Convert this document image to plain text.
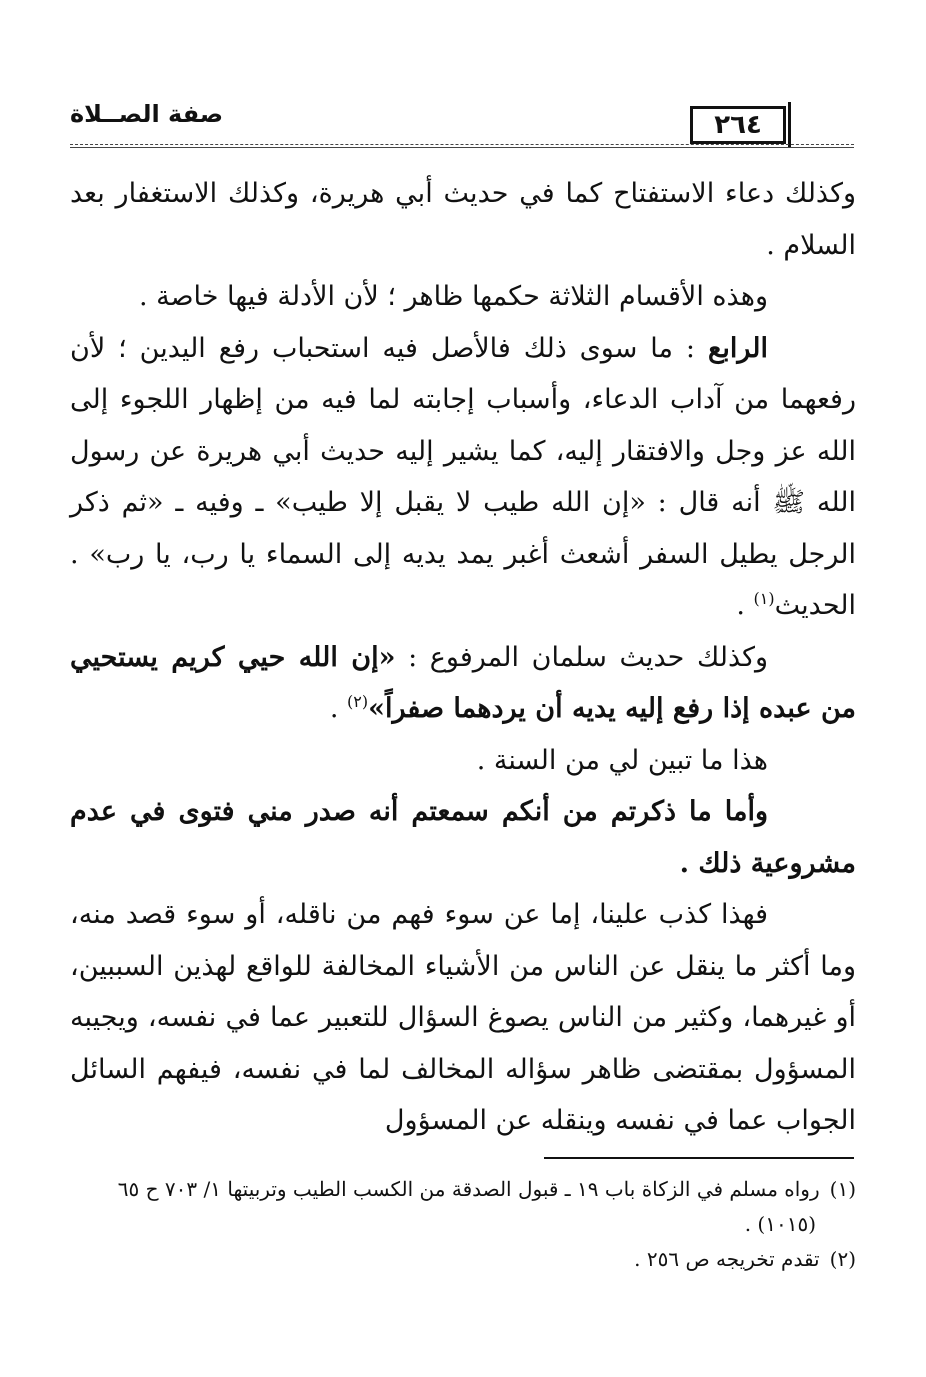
٢٦٤
صفة الصــلاة

وكذلك دعاء الاستفتاح كما في حديث أبي هريرة، وكذلك الاستغفار بعد السلام .

وهذه الأقسام الثلاثة حكمها ظاهر ؛ لأن الأدلة فيها خاصة .

الرابع : ما سوى ذلك فالأصل فيه استحباب رفع اليدين ؛ لأن رفعهما من آداب الدعاء، وأسباب إجابته لما فيه من إظهار اللجوء إلى الله عز وجل والافتقار إليه، كما يشير إليه حديث أبي هريرة عن رسول الله ﷺ أنه قال : «إن الله طيب لا يقبل إلا طيب» ـ وفيه ـ «ثم ذكر الرجل يطيل السفر أشعث أغبر يمد يديه إلى السماء يا رب، يا رب» . الحديث$^{(١)}$ .

وكذلك حديث سلمان المرفوع : «إن الله حيي كريم يستحيي من عبده إذا رفع إليه يديه أن يردهما صفراً»$^{(٢)}$ .

هذا ما تبين لي من السنة .

وأما ما ذكرتم من أنكم سمعتم أنه صدر مني فتوى في عدم مشروعية ذلك .

فهذا كذب علينا، إما عن سوء فهم من ناقله، أو سوء قصد منه، وما أكثر ما ينقل عن الناس من الأشياء المخالفة للواقع لهذين السببين، أو غيرهما، وكثير من الناس يصوغ السؤال للتعبير عما في نفسه، ويجيبه المسؤول بمقتضى ظاهر سؤاله المخالف لما في نفسه، فيفهم السائل الجواب عما في نفسه وينقله عن المسؤول

(١)رواه مسلم في الزكاة باب ١٩ ـ قبول الصدقة من الكسب الطيب وتربيتها ١/ ٧٠٣ ح ٦٥

(١٠١٥) .

(٢)تقدم تخريجه ص ٢٥٦ .
